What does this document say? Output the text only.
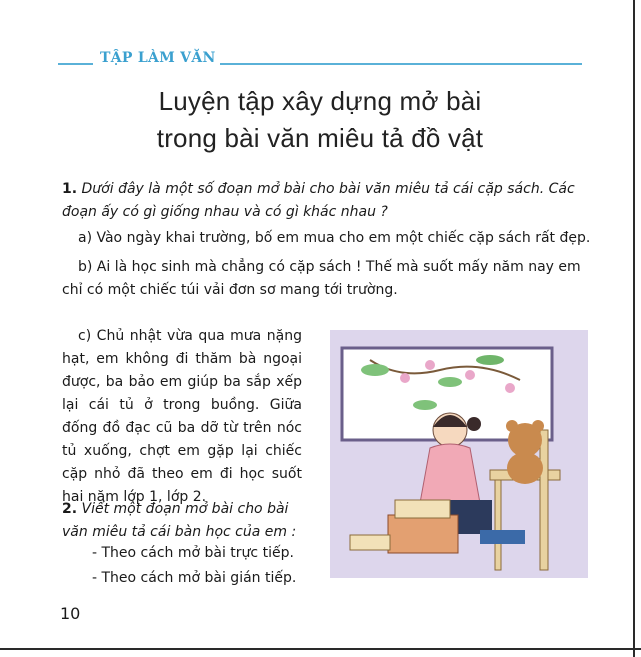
TẬP LÀM VĂN
Luyện tập xây dựng mở bài
trong bài văn miêu tả đồ vật

1. Dưới đây là một số đoạn mở bài cho bài văn miêu tả cái cặp sách. Các đoạn ấy có gì giống nhau và có gì khác nhau ?

a) Vào ngày khai trường, bố em mua cho em một chiếc cặp sách rất đẹp.

b) Ai là học sinh mà chẳng có cặp sách ! Thế mà suốt mấy năm nay em chỉ có một chiếc túi vải đơn sơ mang tới trường.

c) Chủ nhật vừa qua mưa nặng hạt, em không đi thăm bà ngoại được, ba bảo em giúp ba sắp xếp lại cái tủ ở trong buồng. Giữa đống đồ đạc cũ ba dỡ từ trên nóc tủ xuống, chợt em gặp lại chiếc cặp nhỏ đã theo em đi học suốt hai năm lớp 1, lớp 2.

2. Viết một đoạn mở bài cho bài văn miêu tả cái bàn học của em :

- Theo cách mở bài trực tiếp.

- Theo cách mở bài gián tiếp.

10
